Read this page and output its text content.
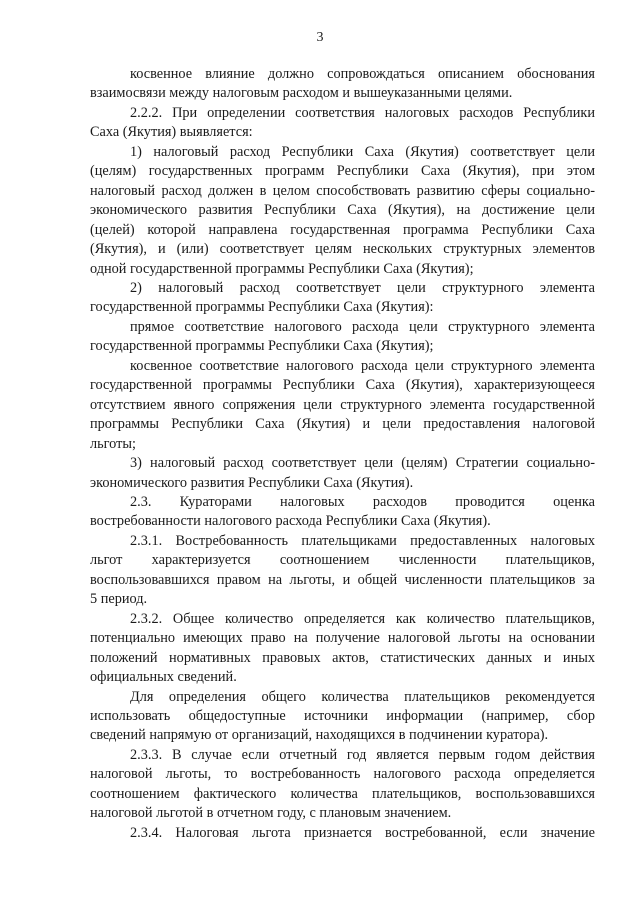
3
косвенное влияние должно сопровождаться описанием обоснования
взаимосвязи между налоговым расходом и вышеуказанными целями.
2.2.2. При определении соответствия налоговых расходов Республики
Саха (Якутия) выявляется:
1) налоговый расход Республики Саха (Якутия) соответствует цели
(целям) государственных программ Республики Саха (Якутия), при этом
налоговый расход должен в целом способствовать развитию сферы социально-
экономического развития Республики Саха (Якутия), на достижение цели
(целей) которой направлена государственная программа Республики Саха
(Якутия), и (или) соответствует целям нескольких структурных элементов
одной государственной программы Республики Саха (Якутия);
2) налоговый расход соответствует цели структурного элемента
государственной программы Республики Саха (Якутия):
прямое соответствие налогового расхода цели структурного элемента
государственной программы Республики Саха (Якутия);
косвенное соответствие налогового расхода цели структурного элемента
государственной программы Республики Саха (Якутия), характеризующееся
отсутствием явного сопряжения цели структурного элемента государственной
программы Республики Саха (Якутия) и цели предоставления налоговой
льготы;
3) налоговый расход соответствует цели (целям) Стратегии социально-
экономического развития Республики Саха (Якутия).
2.3. Кураторами налоговых расходов проводится оценка
востребованности налогового расхода Республики Саха (Якутия).
2.3.1. Востребованность плательщиками предоставленных налоговых
льгот характеризуется соотношением численности плательщиков,
воспользовавшихся правом на льготы, и общей численности плательщиков за
5 период.
2.3.2. Общее количество определяется как количество плательщиков,
потенциально имеющих право на получение налоговой льготы на основании
положений нормативных правовых актов, статистических данных и иных
официальных сведений.
Для определения общего количества плательщиков рекомендуется
использовать общедоступные источники информации (например, сбор
сведений напрямую от организаций, находящихся в подчинении куратора).
2.3.3. В случае если отчетный год является первым годом действия
налоговой льготы, то востребованность налогового расхода определяется
соотношением фактического количества плательщиков, воспользовавшихся
налоговой льготой в отчетном году, с плановым значением.
2.3.4. Налоговая льгота признается востребованной, если значение
